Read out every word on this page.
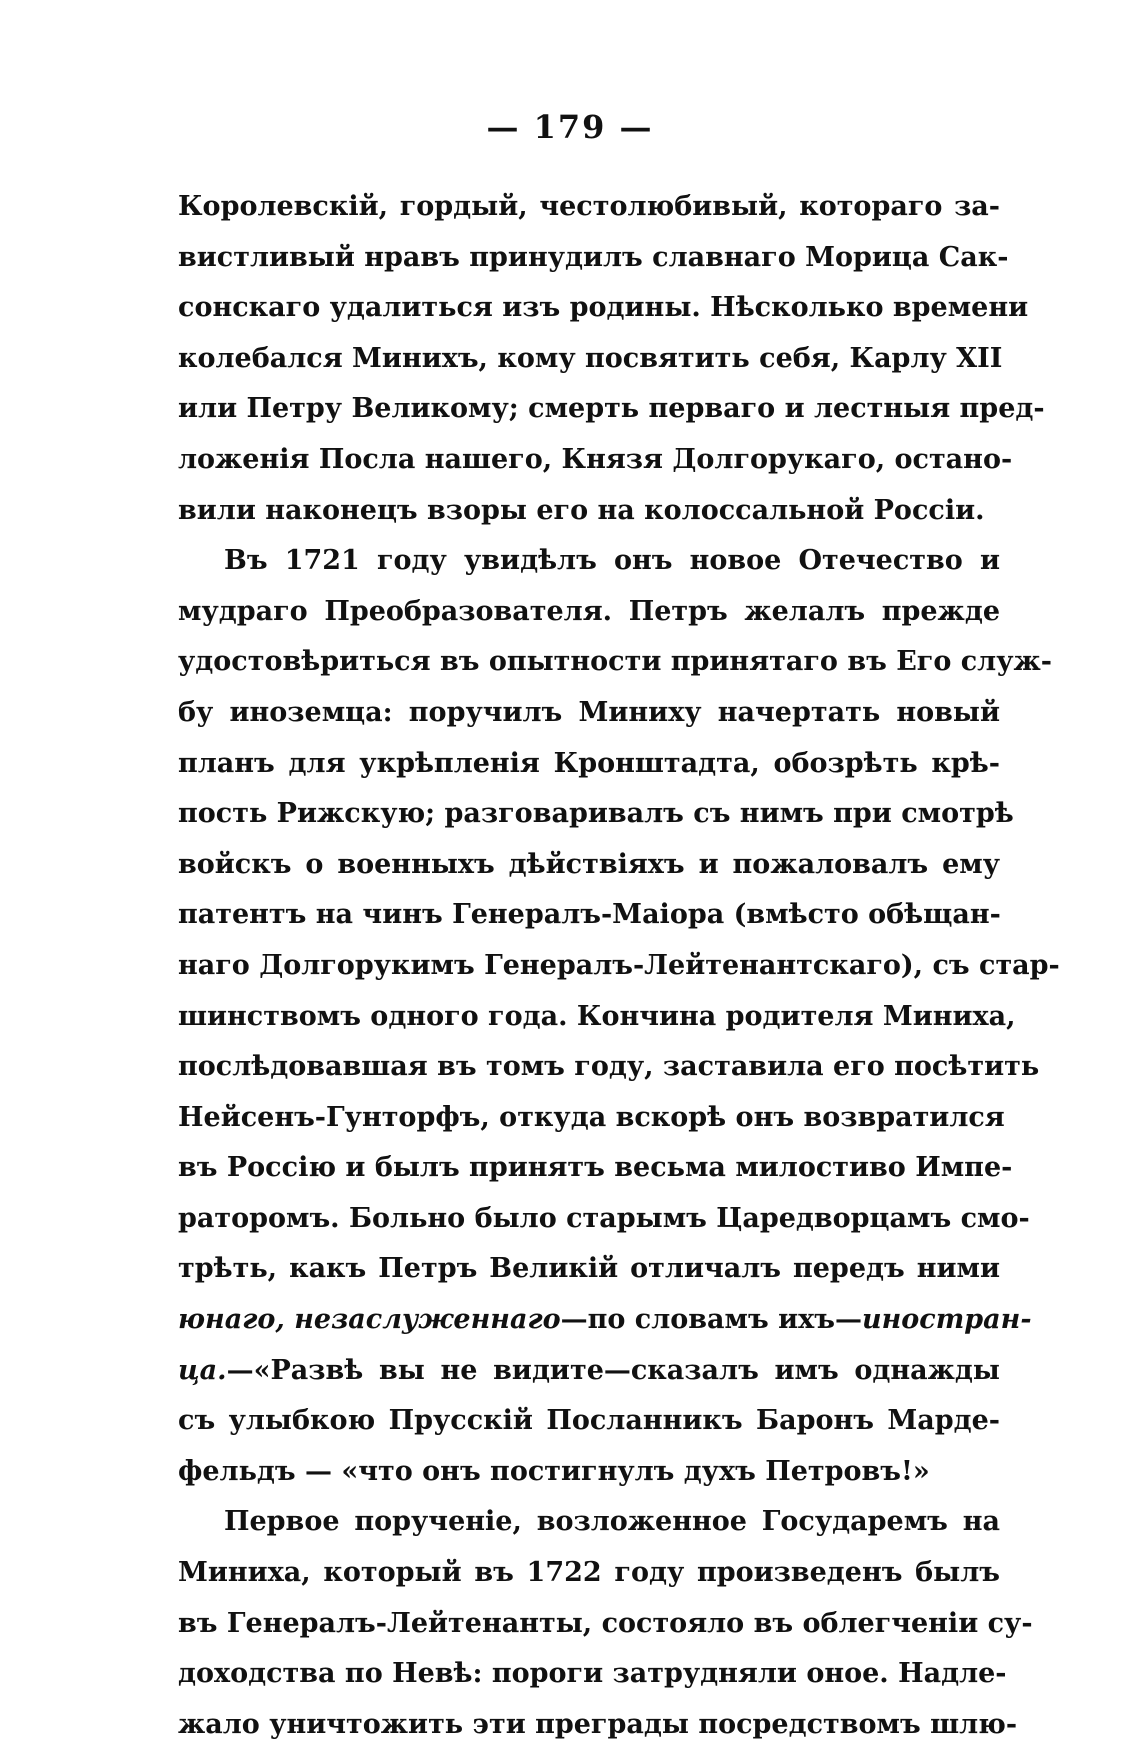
— 179 —
Королевскій, гордый, честолюбивый, котораго за-
вистливый нравъ принудилъ славнаго Морица Сак-
сонскаго удалиться изъ родины. Нѣсколько времени
колебался Минихъ, кому посвятить себя, Карлу XII
или Петру Великому; смерть перваго и лестныя пред-
ложенія Посла нашего, Князя Долгорукаго, остано-
вили наконецъ взоры его на колоссальной Россіи.
Въ 1721 году увидѣлъ онъ новое Отечество и
мудраго Преобразователя. Петръ желалъ прежде
удостовѣриться въ опытности принятаго въ Его служ-
бу иноземца: поручилъ Миниху начертать новый
планъ для укрѣпленія Кронштадта, обозрѣть крѣ-
пость Рижскую; разговаривалъ съ нимъ при смотрѣ
войскъ о военныхъ дѣйствіяхъ и пожаловалъ ему
патентъ на чинъ Генералъ-Маіора (вмѣсто обѣщан-
наго Долгорукимъ Генералъ-Лейтенантскаго), съ стар-
шинствомъ одного года. Кончина родителя Миниха,
послѣдовавшая въ томъ году, заставила его посѣтить
Нейсенъ-Гунторфъ, откуда вскорѣ онъ возвратился
въ Россію и былъ принятъ весьма милостиво Импе-
раторомъ. Больно было старымъ Царедворцамъ смо-
трѣть, какъ Петръ Великій отличалъ передъ ними
юнаго, незаслуженнаго—по словамъ ихъ—иностран-
ца.—«Развѣ вы не видите—сказалъ имъ однажды
съ улыбкою Прусскій Посланникъ Баронъ Марде-
фельдъ — «что онъ постигнулъ духъ Петровъ!»
Первое порученіе, возложенное Государемъ на
Миниха, который въ 1722 году произведенъ былъ
въ Генералъ-Лейтенанты, состояло въ облегченіи су-
доходства по Невѣ: пороги затрудняли оное. Надле-
жало уничтожить эти преграды посредствомъ шлю-
